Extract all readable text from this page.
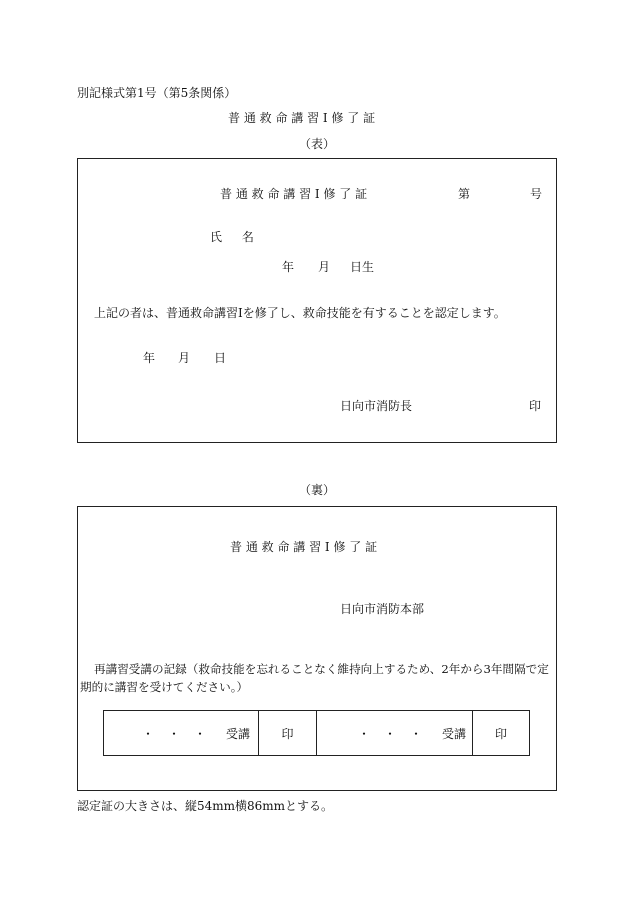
別記様式第1号（第5条関係）
普 通 救 命 講 習 Ⅰ 修 了 証
（表）
普 通 救 命 講 習 Ⅰ 修 了 証	第	号
氏 名
年 月 日生
上記の者は、普通救命講習Ⅰを修了し、救命技能を有することを認定します。
年 月 日
日向市消防長	印
（裏）
普 通 救 命 講 習 Ⅰ 修 了 証
日向市消防本部
再講習受講の記録（救命技能を忘れることなく維持向上するため、2年から3年間隔で定
期的に講習を受けてください。）
・・・ 受講	印	・・・ 受講 印
認定証の大きさは、縦54mm横86mmとする。
